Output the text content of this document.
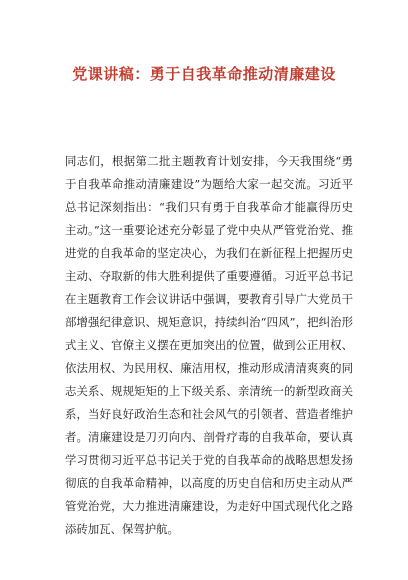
党课讲稿：勇于自我革命推动清廉建设

同志们，根据第二批主题教育计划安排，今天我围绕“勇于自我革命推动清廉建设”为题给大家一起交流。习近平总书记深刻指出：“我们只有勇于自我革命才能赢得历史主动。”这一重要论述充分彰显了党中央从严管党治党、推进党的自我革命的坚定决心，为我们在新征程上把握历史主动、夺取新的伟大胜利提供了重要遵循。习近平总书记在主题教育工作会议讲话中强调，要教育引导广大党员干部增强纪律意识、规矩意识，持续纠治“四风”，把纠治形式主义、官僚主义摆在更加突出的位置，做到公正用权、依法用权、为民用权、廉洁用权，推动形成清清爽爽的同志关系、规规矩矩的上下级关系、亲清统一的新型政商关系，当好良好政治生态和社会风气的引领者、营造者维护者。清廉建设是刀刃向内、剖骨疗毒的自我革命，要认真学习贯彻习近平总书记关于党的自我革命的战略思想发扬彻底的自我革命精神，以高度的历史自信和历史主动从严管党治党，大力推进清廉建设，为走好中国式现代化之路添砖加瓦、保驾护航。
